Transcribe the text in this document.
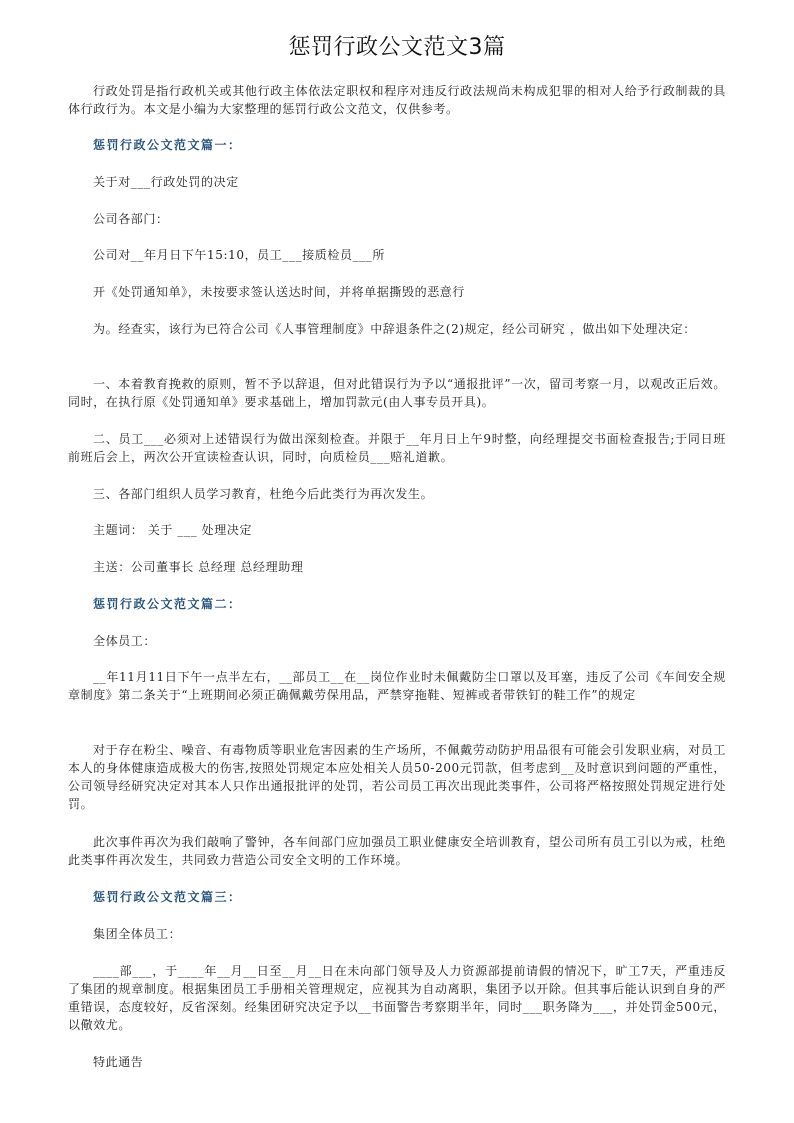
惩罚行政公文范文3篇

行政处罚是指行政机关或其他行政主体依法定职权和程序对违反行政法规尚未构成犯罪的相对人给予行政制裁的具体行政行为。本文是小编为大家整理的惩罚行政公文范文，仅供参考。

惩罚行政公文范文篇一：

关于对___行政处罚的决定

公司各部门：

公司对__年月日下午15:10，员工___接质检员___所

开《处罚通知单》，未按要求签认送达时间，并将单据撕毁的恶意行

为。经查实，该行为已符合公司《人事管理制度》中辞退条件之(2)规定，经公司研究 ，做出如下处理决定：

一、本着教育挽救的原则，暂不予以辞退，但对此错误行为予以“通报批评”一次，留司考察一月，以观改正后效。同时，在执行原《处罚通知单》要求基础上，增加罚款元(由人事专员开具)。

二、员工___必须对上述错误行为做出深刻检查。并限于__年月日上午9时整，向经理提交书面检查报告;于同日班前班后会上，两次公开宣读检查认识，同时，向质检员___赔礼道歉。

三、各部门组织人员学习教育，杜绝今后此类行为再次发生。

主题词： 关于 ___ 处理决定

主送：公司董事长 总经理 总经理助理

惩罚行政公文范文篇二：

全体员工：

__年11月11日下午一点半左右，__部员工__在__岗位作业时未佩戴防尘口罩以及耳塞，违反了公司《车间安全规章制度》第二条关于“上班期间必须正确佩戴劳保用品，严禁穿拖鞋、短裤或者带铁钉的鞋工作”的规定

对于存在粉尘、噪音、有毒物质等职业危害因素的生产场所，不佩戴劳动防护用品很有可能会引发职业病，对员工本人的身体健康造成极大的伤害,按照处罚规定本应处相关人员50-200元罚款，但考虑到__及时意识到问题的严重性，公司领导经研究决定对其本人只作出通报批评的处罚，若公司员工再次出现此类事件，公司将严格按照处罚规定进行处罚。

此次事件再次为我们敲响了警钟，各车间部门应加强员工职业健康安全培训教育，望公司所有员工引以为戒，杜绝此类事件再次发生，共同致力营造公司安全文明的工作环境。

惩罚行政公文范文篇三：

集团全体员工：

____部___，于____年__月__日至__月__日在未向部门领导及人力资源部提前请假的情况下，旷工7天，严重违反了集团的规章制度。根据集团员工手册相关管理规定，应视其为自动离职，集团予以开除。但其事后能认识到自身的严重错误，态度较好，反省深刻。经集团研究决定予以__书面警告考察期半年，同时___职务降为___，并处罚金500元，以儆效尤。

特此通告
